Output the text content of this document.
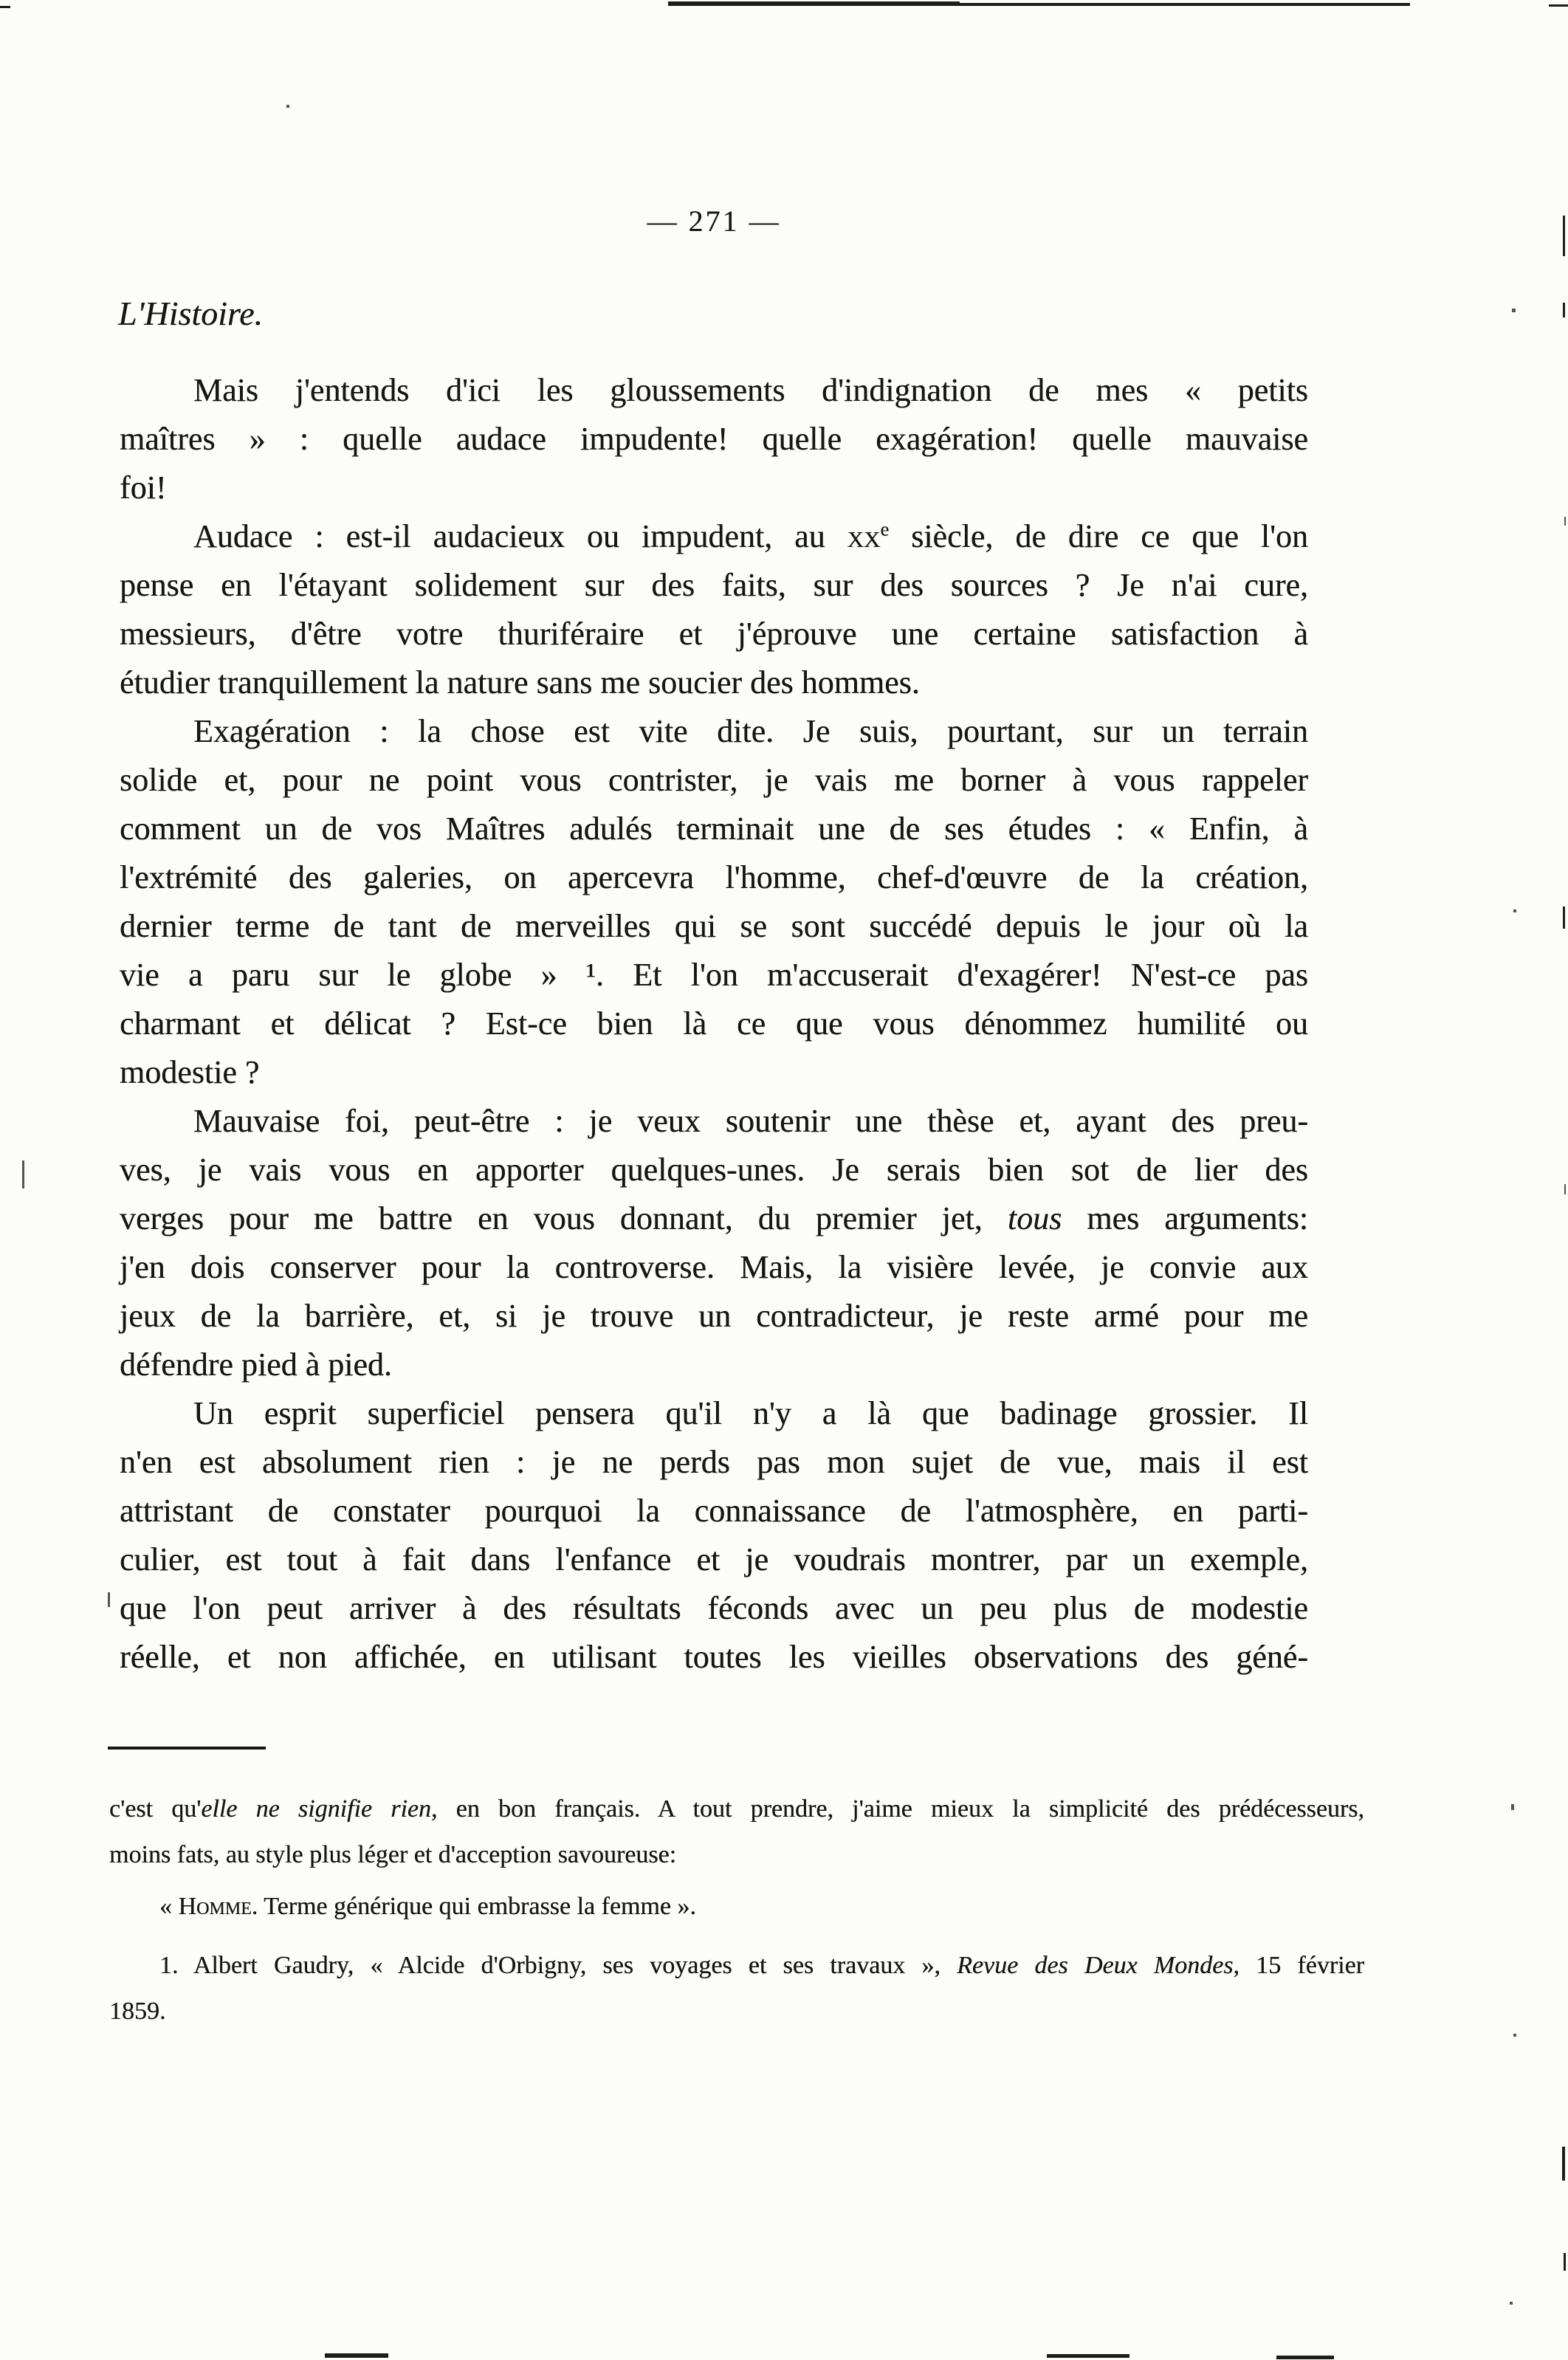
— 271 —
L'Histoire.
Mais j'entends d'ici les gloussements d'indignation de mes « petits
maîtres » : quelle audace impudente! quelle exagération! quelle mauvaise
foi!
Audace : est-il audacieux ou impudent, au $xx^e$ siècle, de dire ce que l'on
pense en l'étayant solidement sur des faits, sur des sources ? Je n'ai cure,
messieurs, d'être votre thuriféraire et j'éprouve une certaine satisfaction à
étudier tranquillement la nature sans me soucier des hommes.
Exagération : la chose est vite dite. Je suis, pourtant, sur un terrain
solide et, pour ne point vous contrister, je vais me borner à vous rappeler
comment un de vos Maîtres adulés terminait une de ses études : « Enfin, à
l'extrémité des galeries, on apercevra l'homme, chef-d'œuvre de la création,
dernier terme de tant de merveilles qui se sont succédé depuis le jour où la
vie a paru sur le globe » ¹. Et l'on m'accuserait d'exagérer! N'est-ce pas
charmant et délicat ? Est-ce bien là ce que vous dénommez humilité ou
modestie ?
Mauvaise foi, peut-être : je veux soutenir une thèse et, ayant des preu-
ves, je vais vous en apporter quelques-unes. Je serais bien sot de lier des
verges pour me battre en vous donnant, du premier jet, tous mes arguments:
j'en dois conserver pour la controverse. Mais, la visière levée, je convie aux
jeux de la barrière, et, si je trouve un contradicteur, je reste armé pour me
défendre pied à pied.
Un esprit superficiel pensera qu'il n'y a là que badinage grossier. Il
n'en est absolument rien : je ne perds pas mon sujet de vue, mais il est
attristant de constater pourquoi la connaissance de l'atmosphère, en parti-
culier, est tout à fait dans l'enfance et je voudrais montrer, par un exemple,
que l'on peut arriver à des résultats féconds avec un peu plus de modestie
réelle, et non affichée, en utilisant toutes les vieilles observations des géné-
c'est qu'elle ne signifie rien, en bon français. A tout prendre, j'aime mieux la simplicité des prédécesseurs,
moins fats, au style plus léger et d'acception savoureuse:
« Homme. Terme générique qui embrasse la femme ».
1. Albert Gaudry, « Alcide d'Orbigny, ses voyages et ses travaux », Revue des Deux Mondes, 15 février
1859.
